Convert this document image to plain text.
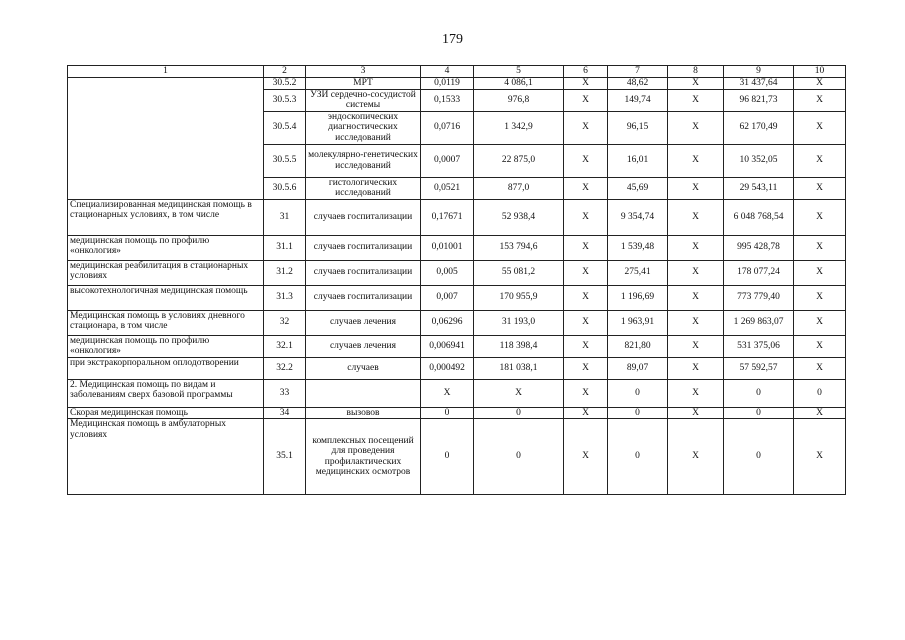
179
1	2	3	4	5	6	7	8	9	10
	30.5.2	МРТ	0,0119	4 086,1	X	48,62	X	31 437,64	X
	30.5.3	УЗИ сердечно-сосудистой системы	0,1533	976,8	X	149,74	X	96 821,73	X
	30.5.4	эндоскопических диагностических исследований	0,0716	1 342,9	X	96,15	X	62 170,49	X
	30.5.5	молекулярно-генетических исследований	0,0007	22 875,0	X	16,01	X	10 352,05	X
	30.5.6	гистологических исследований	0,0521	877,0	X	45,69	X	29 543,11	X
Специализированная медицинская помощь в стационарных условиях, в том числе	31	случаев госпитализации	0,17671	52 938,4	X	9 354,74	X	6 048 768,54	X
медицинская помощь по профилю «онкология»	31.1	случаев госпитализации	0,01001	153 794,6	X	1 539,48	X	995 428,78	X
медицинская реабилитация в стационарных условиях	31.2	случаев госпитализации	0,005	55 081,2	X	275,41	X	178 077,24	X
высокотехнологичная медицинская помощь	31.3	случаев госпитализации	0,007	170 955,9	X	1 196,69	X	773 779,40	X
Медицинская помощь в условиях дневного стационара, в том числе	32	случаев лечения	0,06296	31 193,0	X	1 963,91	X	1 269 863,07	X
медицинская помощь по профилю «онкология»	32.1	случаев лечения	0,006941	118 398,4	X	821,80	X	531 375,06	X
при экстракорпоральном оплодотворении	32.2	случаев	0,000492	181 038,1	X	89,07	X	57 592,57	X
2. Медицинская помощь по видам и заболеваниям сверх базовой программы	33		X	X	X	0	X	0	0
Скорая медицинская помощь	34	вызовов	0	0	X	0	X	0	X
Медицинская помощь в амбулаторных условиях	35.1	комплексных посещений для проведения профилактических медицинских осмотров	0	0	X	0	X	0	X
